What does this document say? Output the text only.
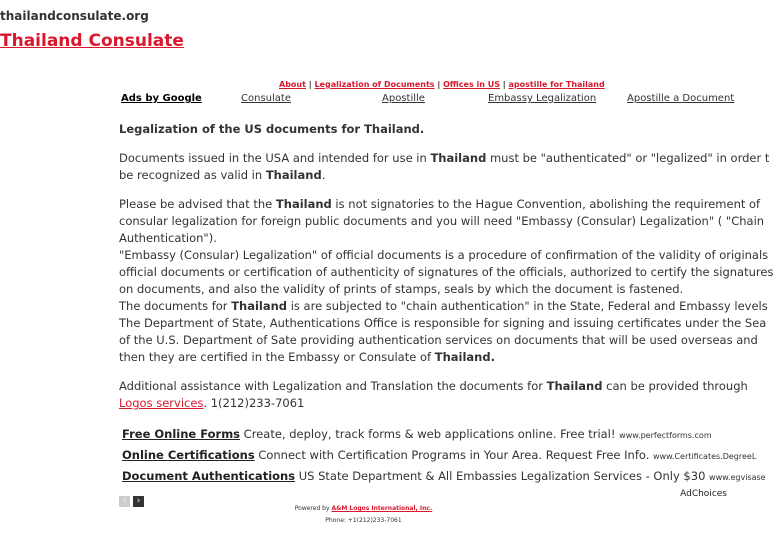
thailandconsulate.org
Thailand Consulate
About | Legalization of Documents | Offices in US | apostille for Thailand
Ads by Google	Consulate	Apostille	Embassy Legalization	Apostille a Document
Legalization of the US documents for Thailand.

Documents issued in the USA and intended for use in Thailand must be "authenticated" or "legalized" in order t
be recognized as valid in Thailand.

Please be advised that the Thailand is not signatories to the Hague Convention, abolishing the requirement of
consular legalization for foreign public documents and you will need "Embassy (Consular) Legalization" ( "Chain
Authentication").
"Embassy (Consular) Legalization" of official documents is a procedure of confirmation of the validity of originals
official documents or certification of authenticity of signatures of the officials, authorized to certify the signatures
on documents, and also the validity of prints of stamps, seals by which the document is fastened.
The documents for Thailand is are subjected to "chain authentication" in the State, Federal and Embassy levels
The Department of State, Authentications Office is responsible for signing and issuing certificates under the Sea
of the U.S. Department of Sate providing authentication services on documents that will be used overseas and
then they are certified in the Embassy or Consulate of Thailand.

Additional assistance with Legalization and Translation the documents for Thailand can be provided through
Logos services. 1(212)233-7061

Free Online Forms Create, deploy, track forms & web applications online. Free trial! www.perfectforms.com
Online Certifications Connect with Certification Programs in Your Area. Request Free Info. www.Certificates.DegreeL
Document Authentications US State Department & All Embassies Legalization Services - Only $30 www.egvisase
‹ ›
AdChoices
Powered by A&M Logos International, Inc.
Phone: +1(212)233-7061
